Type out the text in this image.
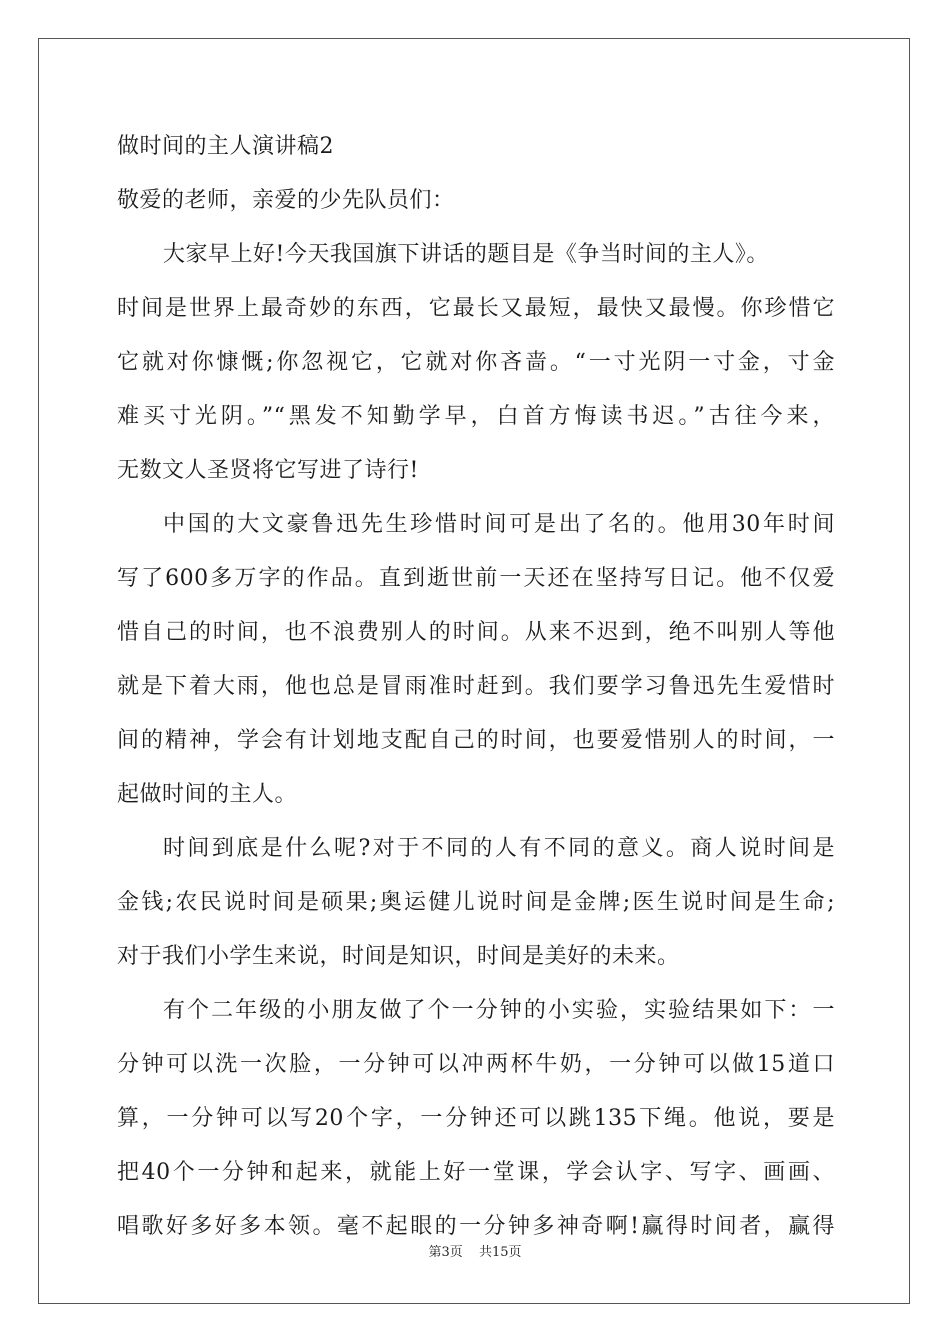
做时间的主人演讲稿2
敬爱的老师，亲爱的少先队员们：
大家早上好!今天我国旗下讲话的题目是《争当时间的主人》。
时间是世界上最奇妙的东西，它最长又最短，最快又最慢。你珍惜它
它就对你慷慨;你忽视它，它就对你吝啬。“一寸光阴一寸金，寸金
难买寸光阴。”“黑发不知勤学早，白首方悔读书迟。”古往今来，
无数文人圣贤将它写进了诗行!
中国的大文豪鲁迅先生珍惜时间可是出了名的。他用30年时间
写了600多万字的作品。直到逝世前一天还在坚持写日记。他不仅爱
惜自己的时间，也不浪费别人的时间。从来不迟到，绝不叫别人等他
就是下着大雨，他也总是冒雨准时赶到。我们要学习鲁迅先生爱惜时
间的精神，学会有计划地支配自己的时间，也要爱惜别人的时间，一
起做时间的主人。
时间到底是什么呢?对于不同的人有不同的意义。商人说时间是
金钱;农民说时间是硕果;奥运健儿说时间是金牌;医生说时间是生命;
对于我们小学生来说，时间是知识，时间是美好的未来。
有个二年级的小朋友做了个一分钟的小实验，实验结果如下：一
分钟可以洗一次脸，一分钟可以冲两杯牛奶，一分钟可以做15道口
算，一分钟可以写20个字，一分钟还可以跳135下绳。他说，要是
把40个一分钟和起来，就能上好一堂课，学会认字、写字、画画、
唱歌好多好多本领。毫不起眼的一分钟多神奇啊!赢得时间者，赢得
第3页 共15页
